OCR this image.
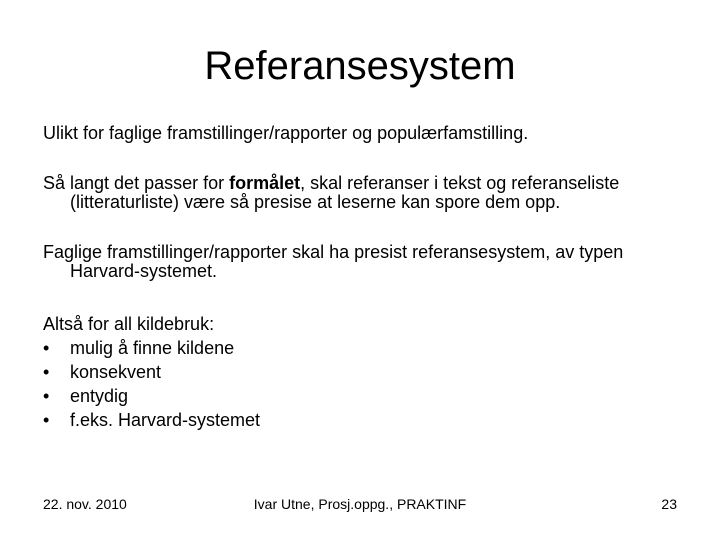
Referansesystem

Ulikt for faglige framstillinger/rapporter og populærfamstilling.

Så langt det passer for formålet, skal referanser i tekst og referanseliste (litteraturliste) være så presise at leserne kan spore dem opp.

Faglige framstillinger/rapporter skal ha presist referansesystem, av typen Harvard-systemet.

Altså for all kildebruk:
• mulig å finne kildene
• konsekvent
• entydig
• f.eks. Harvard-systemet
22. nov. 2010	Ivar Utne, Prosj.oppg., PRAKTINF	23
